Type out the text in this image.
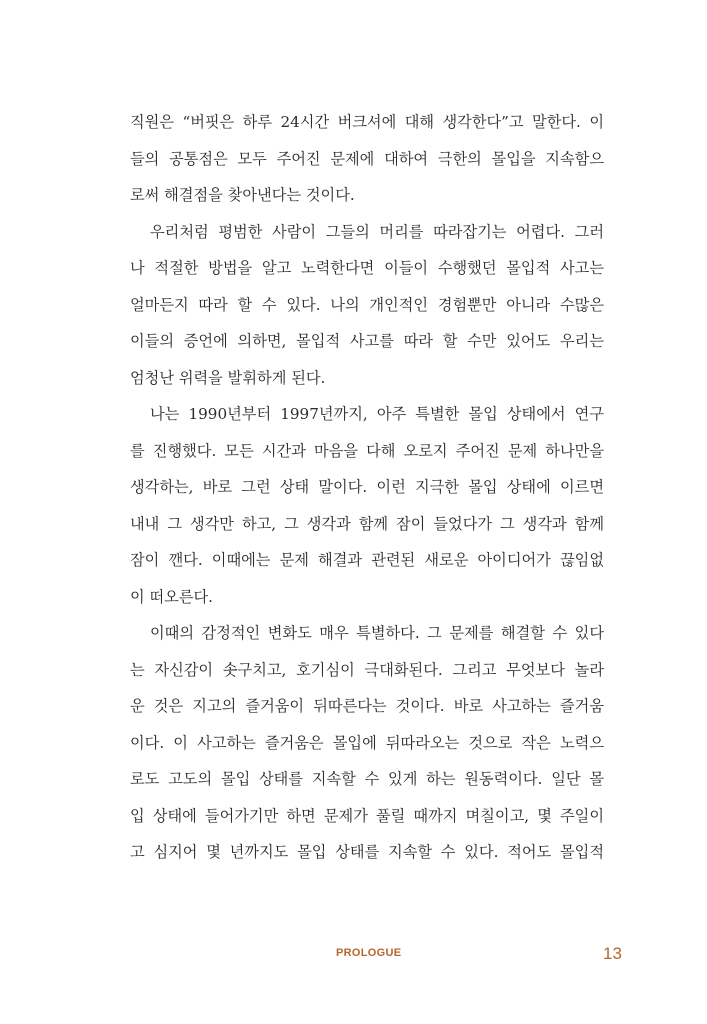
직원은 “버핏은 하루 24시간 버크셔에 대해 생각한다”고 말한다. 이
들의 공통점은 모두 주어진 문제에 대하여 극한의 몰입을 지속함으
로써 해결점을 찾아낸다는 것이다.
우리처럼 평범한 사람이 그들의 머리를 따라잡기는 어렵다. 그러
나 적절한 방법을 알고 노력한다면 이들이 수행했던 몰입적 사고는
얼마든지 따라 할 수 있다. 나의 개인적인 경험뿐만 아니라 수많은
이들의 증언에 의하면, 몰입적 사고를 따라 할 수만 있어도 우리는
엄청난 위력을 발휘하게 된다.
나는 1990년부터 1997년까지, 아주 특별한 몰입 상태에서 연구
를 진행했다. 모든 시간과 마음을 다해 오로지 주어진 문제 하나만을
생각하는, 바로 그런 상태 말이다. 이런 지극한 몰입 상태에 이르면
내내 그 생각만 하고, 그 생각과 함께 잠이 들었다가 그 생각과 함께
잠이 깬다. 이때에는 문제 해결과 관련된 새로운 아이디어가 끊임없
이 떠오른다.
이때의 감정적인 변화도 매우 특별하다. 그 문제를 해결할 수 있다
는 자신감이 솟구치고, 호기심이 극대화된다. 그리고 무엇보다 놀라
운 것은 지고의 즐거움이 뒤따른다는 것이다. 바로 사고하는 즐거움
이다. 이 사고하는 즐거움은 몰입에 뒤따라오는 것으로 작은 노력으
로도 고도의 몰입 상태를 지속할 수 있게 하는 원동력이다. 일단 몰
입 상태에 들어가기만 하면 문제가 풀릴 때까지 며칠이고, 몇 주일이
고 심지어 몇 년까지도 몰입 상태를 지속할 수 있다. 적어도 몰입적
PROLOGUE	13
